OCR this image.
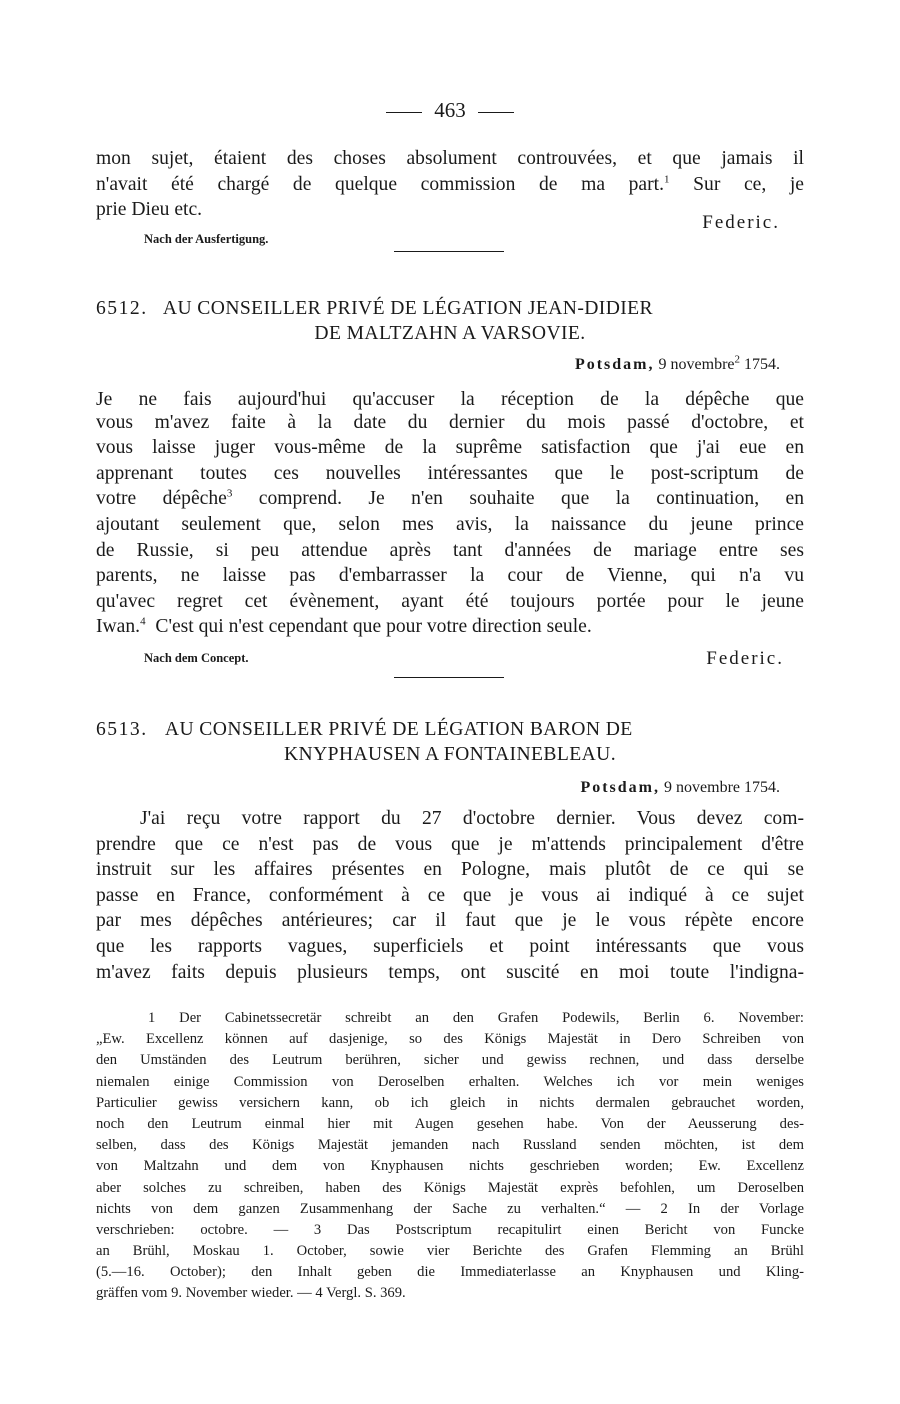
463
mon sujet, étaient des choses absolument controuvées, et que jamais il
n'avait été chargé de quelque commission de ma part.$^1$ Sur ce, je
prie Dieu etc.
Nach der Ausfertigung.
Federic.
6512. AU CONSEILLER PRIVÉ DE LÉGATION JEAN-DIDIER
DE MALTZAHN A VARSOVIE.
Potsdam, 9 novembre$^2$ 1754.
Je ne fais aujourd'hui qu'accuser la réception de la dépêche que
vous m'avez faite à la date du dernier du mois passé d'octobre, et
vous laisse juger vous-même de la suprême satisfaction que j'ai eue en
apprenant toutes ces nouvelles intéressantes que le post-scriptum de
votre dépêche$^3$ comprend. Je n'en souhaite que la continuation, en
ajoutant seulement que, selon mes avis, la naissance du jeune prince
de Russie, si peu attendue après tant d'années de mariage entre ses
parents, ne laisse pas d'embarrasser la cour de Vienne, qui n'a vu
qu'avec regret cet évènement, ayant été toujours portée pour le jeune
Iwan.$^4$ C'est qui n'est cependant que pour votre direction seule.
Nach dem Concept.	Federic.
6513. AU CONSEILLER PRIVÉ DE LÉGATION BARON DE
KNYPHAUSEN A FONTAINEBLEAU.
Potsdam, 9 novembre 1754.
J'ai reçu votre rapport du 27 d'octobre dernier. Vous devez com-
prendre que ce n'est pas de vous que je m'attends principalement d'être
instruit sur les affaires présentes en Pologne, mais plutôt de ce qui se
passe en France, conformément à ce que je vous ai indiqué à ce sujet
par mes dépêches antérieures; car il faut que je le vous répète encore
que les rapports vagues, superficiels et point intéressants que vous
m'avez faits depuis plusieurs temps, ont suscité en moi toute l'indigna-
1 Der Cabinetssecretär schreibt an den Grafen Podewils, Berlin 6. November:
„Ew. Excellenz können auf dasjenige, so des Königs Majestät in Dero Schreiben von
den Umständen des Leutrum berühren, sicher und gewiss rechnen, und dass derselbe
niemalen einige Commission von Deroselben erhalten. Welches ich vor mein weniges
Particulier gewiss versichern kann, ob ich gleich in nichts dermalen gebrauchet worden,
noch den Leutrum einmal hier mit Augen gesehen habe. Von der Aeusserung des-
selben, dass des Königs Majestät jemanden nach Russland senden möchten, ist dem
von Maltzahn und dem von Knyphausen nichts geschrieben worden; Ew. Excellenz
aber solches zu schreiben, haben des Königs Majestät exprès befohlen, um Deroselben
nichts von dem ganzen Zusammenhang der Sache zu verhalten.“ — 2 In der Vorlage
verschrieben: octobre. — 3 Das Postscriptum recapitulirt einen Bericht von Funcke
an Brühl, Moskau 1. October, sowie vier Berichte des Grafen Flemming an Brühl
(5.—16. October); den Inhalt geben die Immediaterlasse an Knyphausen und Kling-
gräffen vom 9. November wieder. — 4 Vergl. S. 369.
